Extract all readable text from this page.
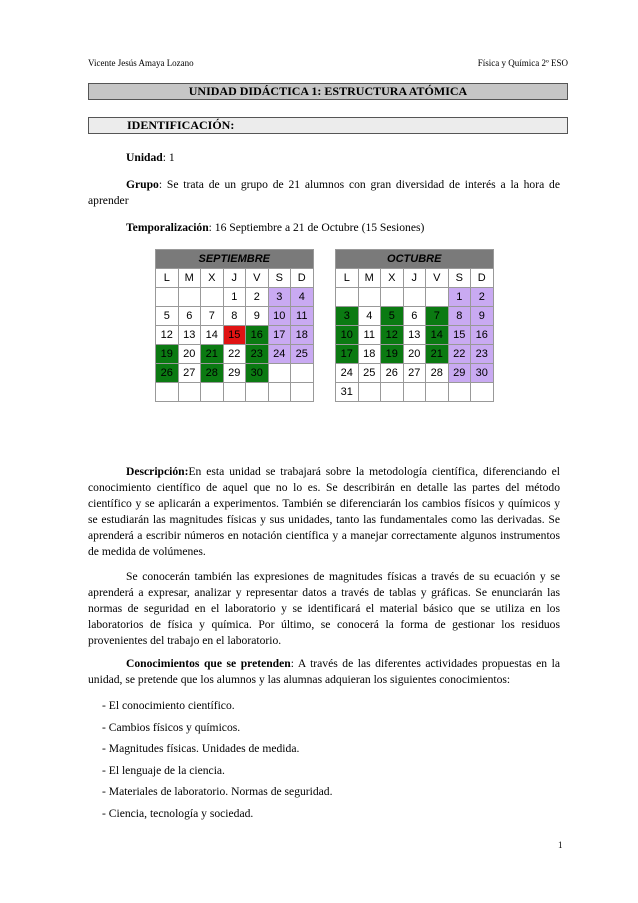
Vicente Jesús Amaya Lozano	Física y Química 2º ESO
UNIDAD DIDÁCTICA 1: ESTRUCTURA ATÓMICA
IDENTIFICACIÓN:
Unidad: 1
Grupo: Se trata de un grupo de 21 alumnos con gran diversidad de interés a la hora de aprender
Temporalización: 16 Septiembre a 21 de Octubre (15 Sesiones)
SEPTIEMBRE						
L	M	X	J	V	S	D
			1	2	3	4
5	6	7	8	9	10	11
12	13	14	15	16	17	18
19	20	21	22	23	24	25
26	27	28	29	30		

OCTUBRE						
L	M	X	J	V	S	D
					1	2
3	4	5	6	7	8	9
10	11	12	13	14	15	16
17	18	19	20	21	22	23
24	25	26	27	28	29	30
31						
Descripción:En esta unidad se trabajará sobre la metodología científica, diferenciando el conocimiento científico de aquel que no lo es. Se describirán en detalle las partes del método científico y se aplicarán a experimentos. También se diferenciarán los cambios físicos y químicos y se estudiarán las magnitudes físicas y sus unidades, tanto las fundamentales como las derivadas. Se aprenderá a escribir números en notación científica y a manejar correctamente algunos instrumentos de medida de volúmenes.
Se conocerán también las expresiones de magnitudes físicas a través de su ecuación y se aprenderá a expresar, analizar y representar datos a través de tablas y gráficas. Se enunciarán las normas de seguridad en el laboratorio y se identificará el material básico que se utiliza en los laboratorios de física y química. Por último, se conocerá la forma de gestionar los residuos provenientes del trabajo en el laboratorio.
Conocimientos que se pretenden: A través de las diferentes actividades propuestas en la unidad, se pretende que los alumnos y las alumnas adquieran los siguientes conocimientos:
- El conocimiento científico.
- Cambios físicos y químicos.
- Magnitudes físicas. Unidades de medida.
- El lenguaje de la ciencia.
- Materiales de laboratorio. Normas de seguridad.
- Ciencia, tecnología y sociedad.
1
